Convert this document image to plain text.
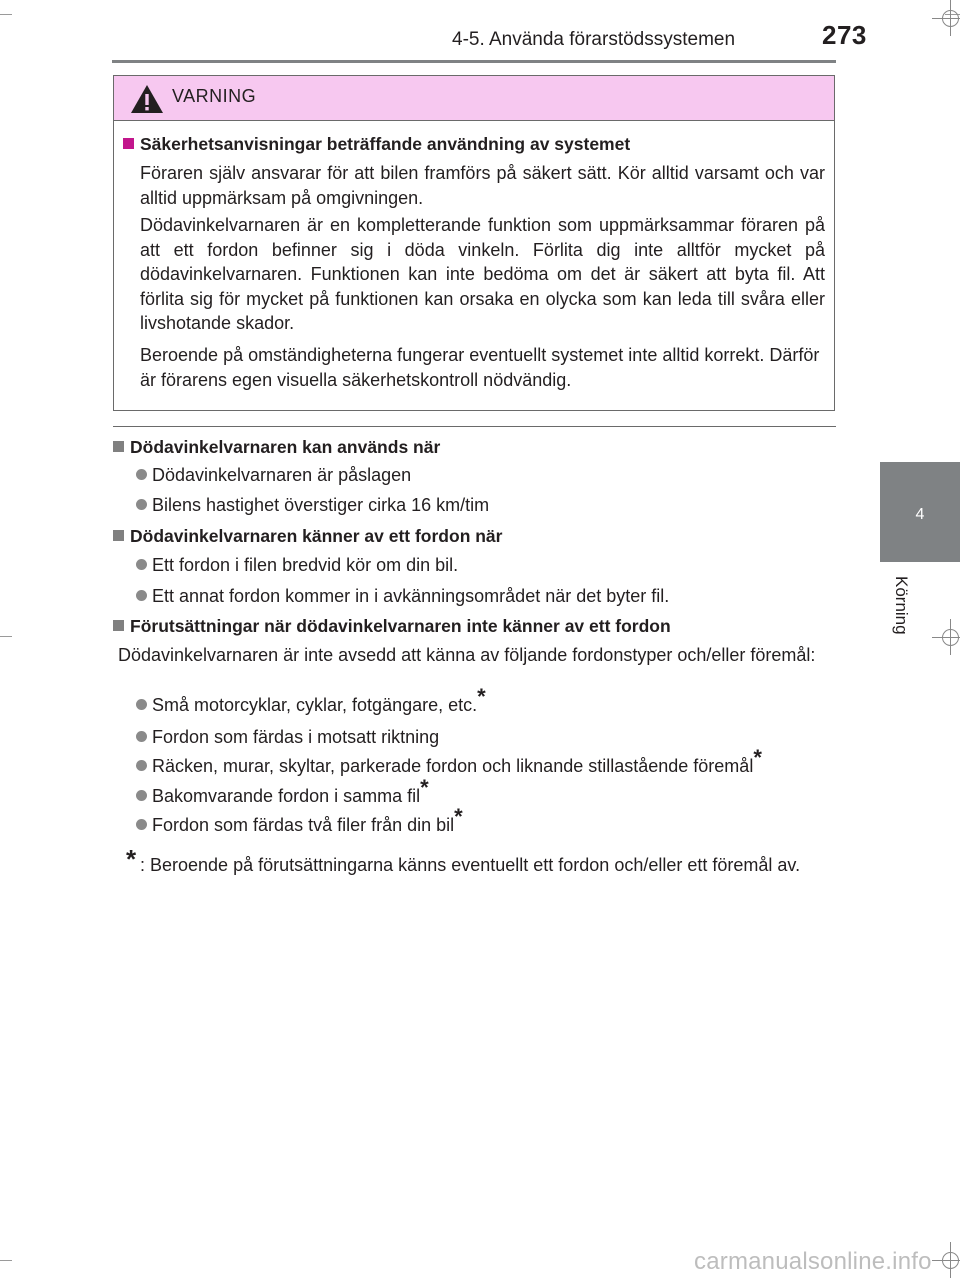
4-5. Använda förarstödssystemen	273
4
Körning
VARNING
Säkerhetsanvisningar beträffande användning av systemet
Föraren själv ansvarar för att bilen framförs på säkert sätt. Kör alltid varsamt och var alltid uppmärksam på omgivningen.
Dödavinkelvarnaren är en kompletterande funktion som uppmärksammar föraren på att ett fordon befinner sig i döda vinkeln. Förlita dig inte alltför mycket på dödavinkelvarnaren. Funktionen kan inte bedöma om det är säkert att byta fil. Att förlita sig för mycket på funktionen kan orsaka en olycka som kan leda till svåra eller livshotande skador.
Beroende på omständigheterna fungerar eventuellt systemet inte alltid korrekt. Därför är förarens egen visuella säkerhetskontroll nödvändig.
Dödavinkelvarnaren kan används när
Dödavinkelvarnaren är påslagen
Bilens hastighet överstiger cirka 16 km/tim
Dödavinkelvarnaren känner av ett fordon när
Ett fordon i filen bredvid kör om din bil.
Ett annat fordon kommer in i avkänningsområdet när det byter fil.
Förutsättningar när dödavinkelvarnaren inte känner av ett fordon
Dödavinkelvarnaren är inte avsedd att känna av följande fordonstyper och/eller föremål:
Små motorcyklar, cyklar, fotgängare, etc.*
Fordon som färdas i motsatt riktning
Räcken, murar, skyltar, parkerade fordon och liknande stillastående föremål*
Bakomvarande fordon i samma fil*
Fordon som färdas två filer från din bil*
* : Beroende på förutsättningarna känns eventuellt ett fordon och/eller ett föremål av.
carmanualsonline.info
